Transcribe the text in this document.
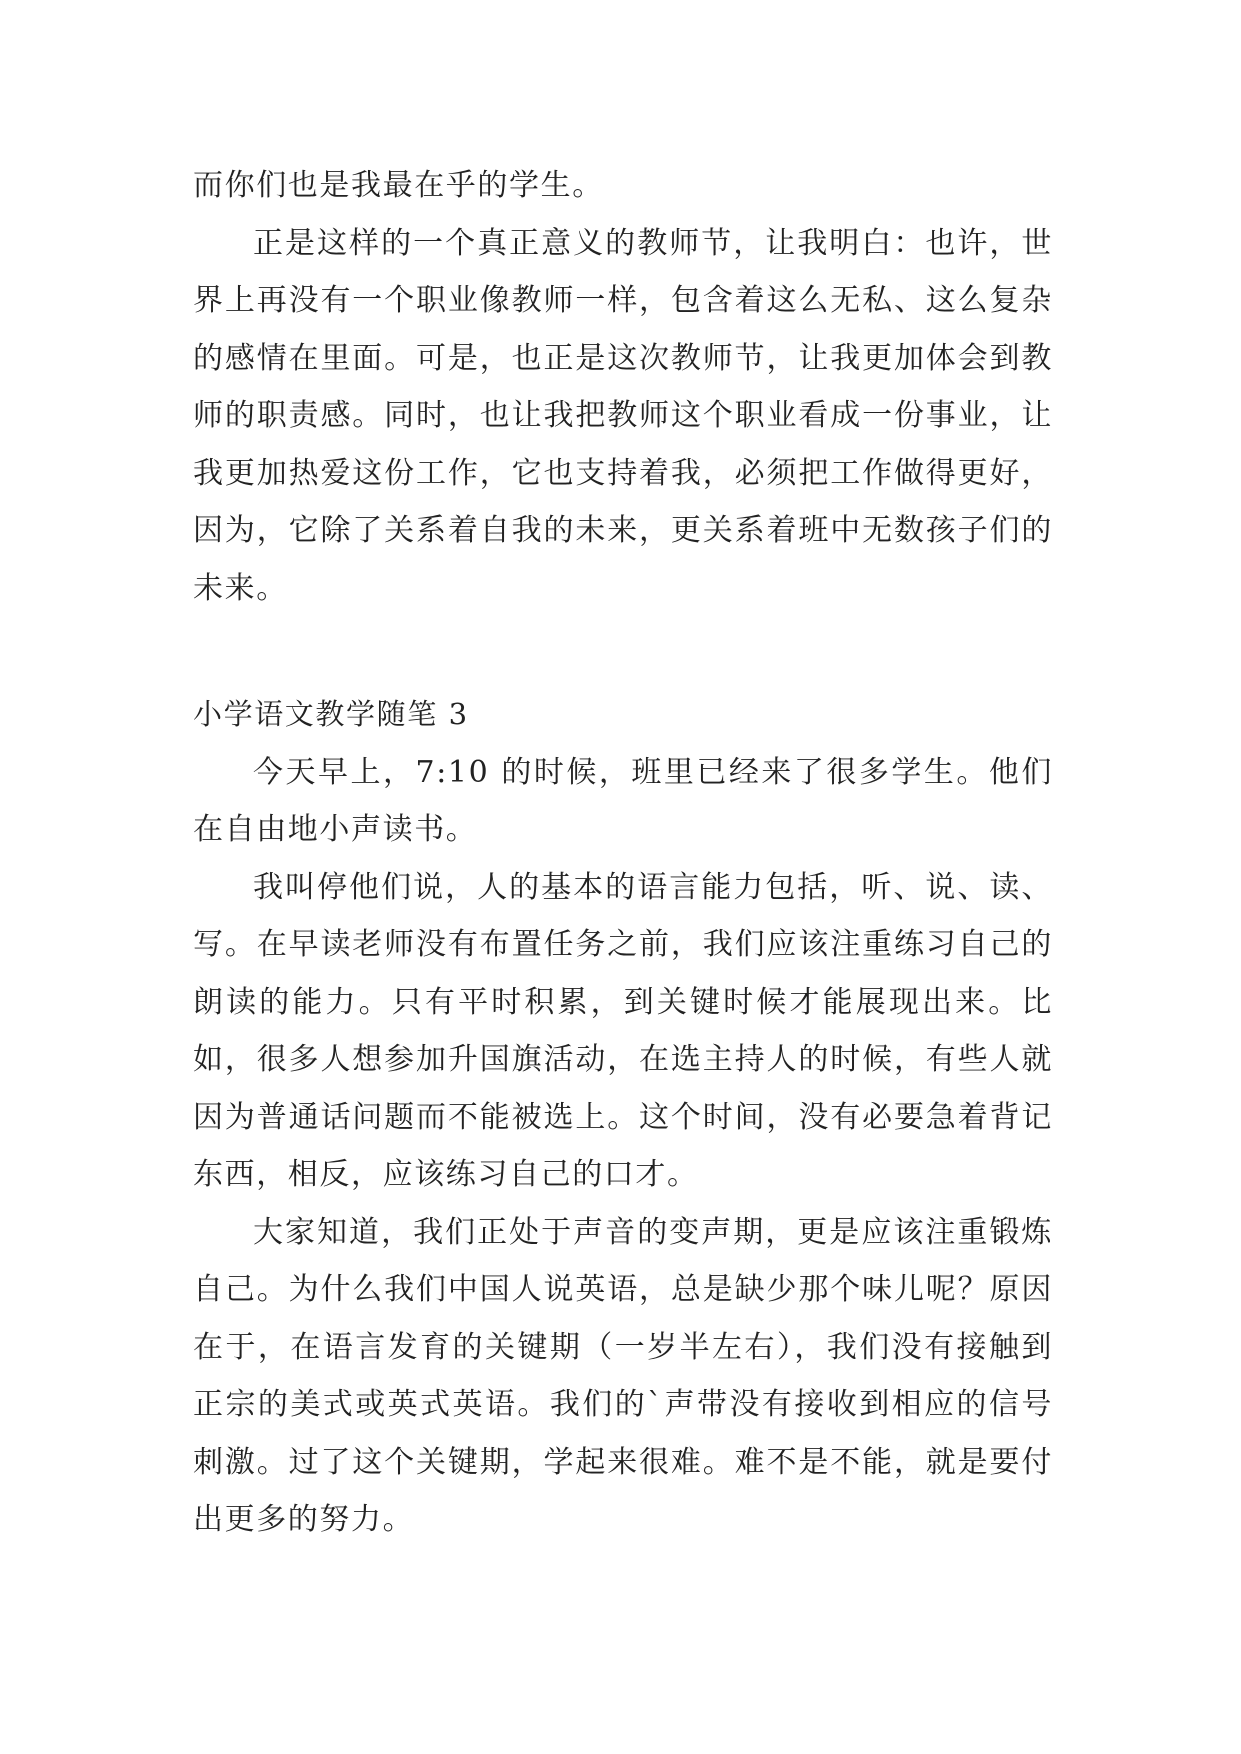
而你们也是我最在乎的学生。

正是这样的一个真正意义的教师节，让我明白：也许，世界上再没有一个职业像教师一样，包含着这么无私、这么复杂的感情在里面。可是，也正是这次教师节，让我更加体会到教师的职责感。同时，也让我把教师这个职业看成一份事业，让我更加热爱这份工作，它也支持着我，必须把工作做得更好，因为，它除了关系着自我的未来，更关系着班中无数孩子们的未来。

小学语文教学随笔 3

今天早上，7:10 的时候，班里已经来了很多学生。他们在自由地小声读书。

我叫停他们说，人的基本的语言能力包括，听、说、读、写。在早读老师没有布置任务之前，我们应该注重练习自己的朗读的能力。只有平时积累，到关键时候才能展现出来。比如，很多人想参加升国旗活动，在选主持人的时候，有些人就因为普通话问题而不能被选上。这个时间，没有必要急着背记东西，相反，应该练习自己的口才。

大家知道，我们正处于声音的变声期，更是应该注重锻炼自己。为什么我们中国人说英语，总是缺少那个味儿呢？原因在于，在语言发育的关键期（一岁半左右），我们没有接触到正宗的美式或英式英语。我们的`声带没有接收到相应的信号刺激。过了这个关键期，学起来很难。难不是不能，就是要付出更多的努力。
